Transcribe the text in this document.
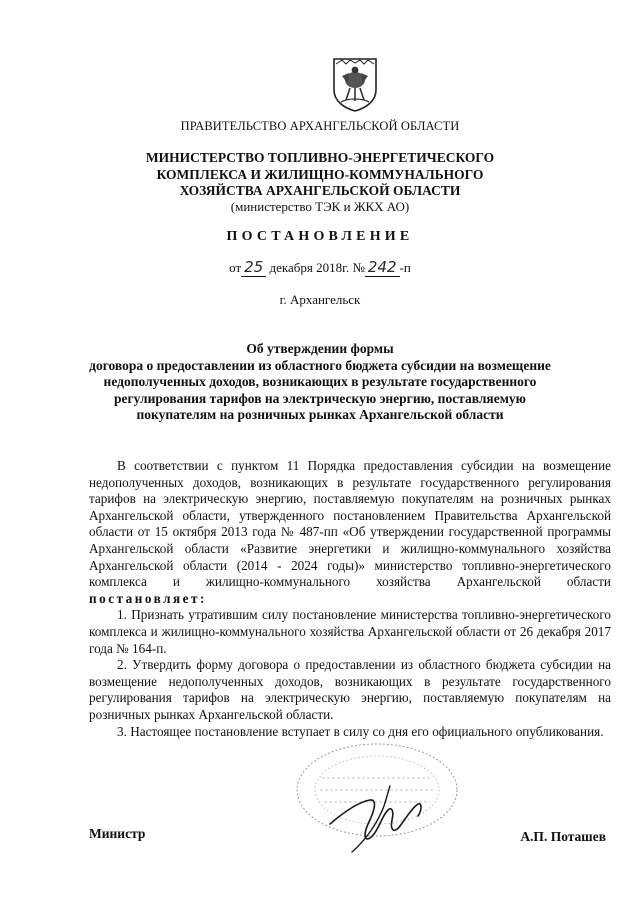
ПРАВИТЕЛЬСТВО АРХАНГЕЛЬСКОЙ ОБЛАСТИ
МИНИСТЕРСТВО ТОПЛИВНО-ЭНЕРГЕТИЧЕСКОГО
КОМПЛЕКСА И ЖИЛИЩНО-КОММУНАЛЬНОГО
ХОЗЯЙСТВА АРХАНГЕЛЬСКОЙ ОБЛАСТИ
(министерство ТЭК и ЖКХ АО)
ПОСТАНОВЛЕНИЕ
от 25 декабря 2018г. № 242 -п
г. Архангельск
Об утверждении формы
договора о предоставлении из областного бюджета субсидии на возмещение
недополученных доходов, возникающих в результате государственного
регулирования тарифов на электрическую энергию, поставляемую
покупателям на розничных рынках Архангельской области

В соответствии с пунктом 11 Порядка предоставления субсидии на возмещение недополученных доходов, возникающих в результате государственного регулирования тарифов на электрическую энергию, поставляемую покупателям на розничных рынках Архангельской области, утвержденного постановлением Правительства Архангельской области от 15 октября 2013 года № 487-пп «Об утверждении государственной программы Архангельской области «Развитие энергетики и жилищно-коммунального хозяйства Архангельской области (2014 - 2024 годы)» министерство топливно-энергетического комплекса и жилищно-коммунального хозяйства Архангельской области постановляет:

1. Признать утратившим силу постановление министерства топливно-энергетического комплекса и жилищно-коммунального хозяйства Архангельской области от 26 декабря 2017 года № 164-п.

2. Утвердить форму договора о предоставлении из областного бюджета субсидии на возмещение недополученных доходов, возникающих в результате государственного регулирования тарифов на электрическую энергию, поставляемую покупателям на розничных рынках Архангельской области.

3. Настоящее постановление вступает в силу со дня его официального опубликования.

Министр	А.П. Поташев
